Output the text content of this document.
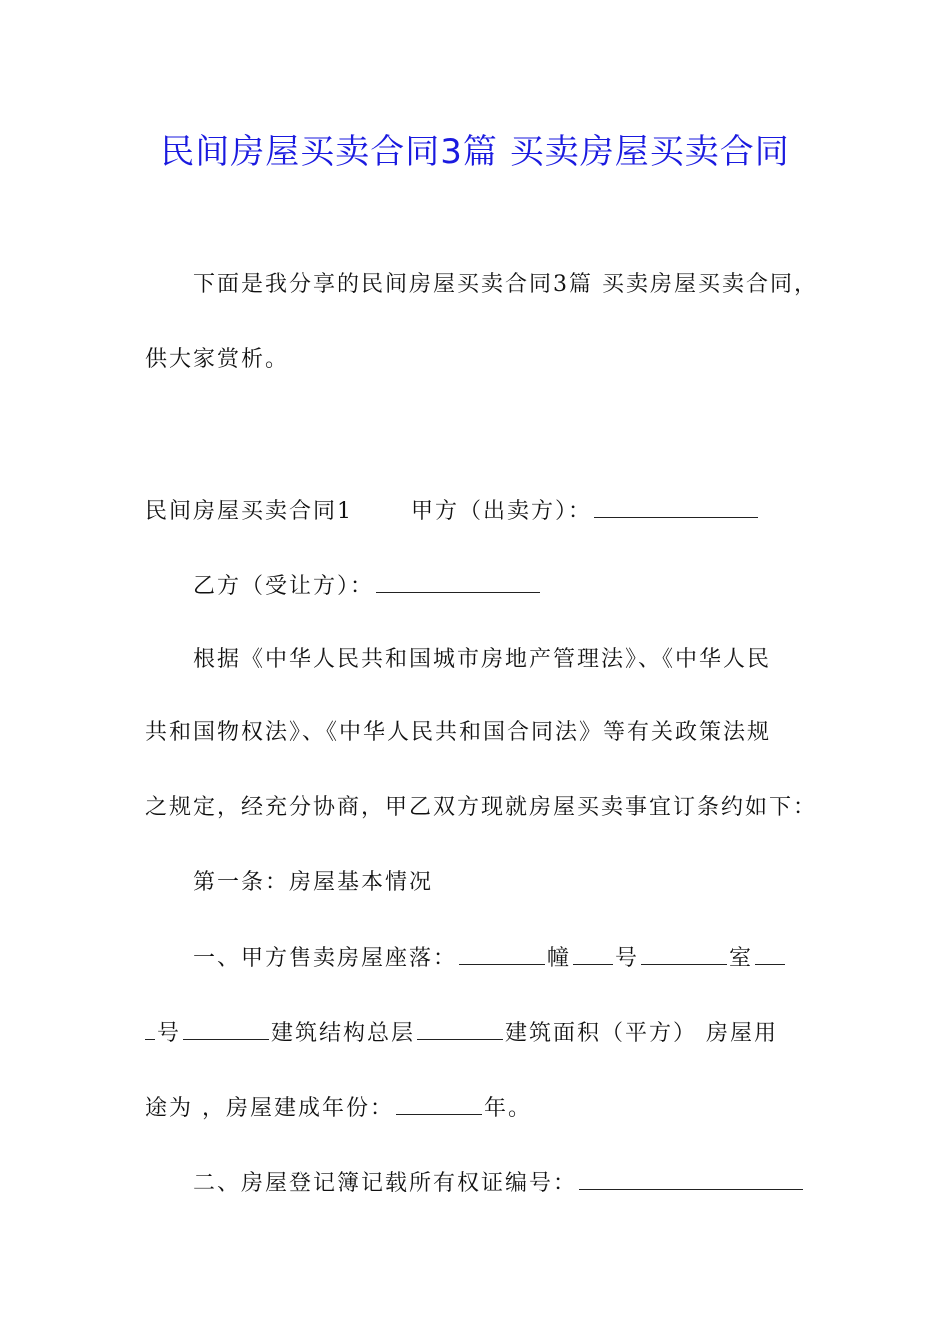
民间房屋买卖合同3篇 买卖房屋买卖合同
下面是我分享的民间房屋买卖合同3篇 买卖房屋买卖合同，
供大家赏析。
民间房屋买卖合同1	甲方（出卖方）：
乙方（受让方）：
根据《中华人民共和国城市房地产管理法》、《中华人民
共和国物权法》、《中华人民共和国合同法》等有关政策法规
之规定，经充分协商，甲乙双方现就房屋买卖事宜订条约如下：
第一条：房屋基本情况
一、甲方售卖房屋座落：	幢 号	室
号	建筑结构总层	建筑面积（平方） 房屋用
途为 ，房屋建成年份：	年。
二、房屋登记簿记载所有权证编号：
